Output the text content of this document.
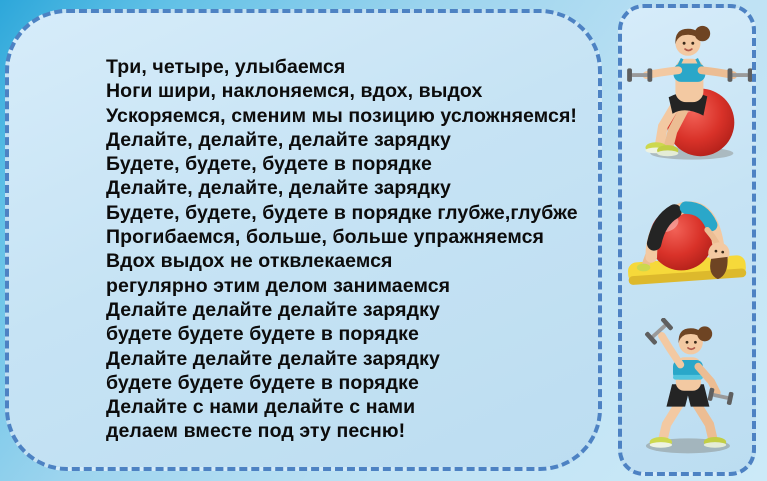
Три, четыре, улыбаемся
Ноги шири, наклоняемся, вдох, выдох
Ускоряемся, сменим мы позицию усложняемся!
Делайте, делайте, делайте зарядку
Будете, будете, будете в порядке
Делайте, делайте, делайте зарядку
Будете, будете, будете в порядке глубже,глубже
Прогибаемся, больше, больше упражняемся
Вдох выдох не отквлекаемся
регулярно этим делом занимаемся
Делайте делайте делайте зарядку
будете будете будете в порядке
Делайте делайте делайте зарядку
будете будете будете в порядке
Делайте с нами делайте с нами
делаем вместе под эту песню!
